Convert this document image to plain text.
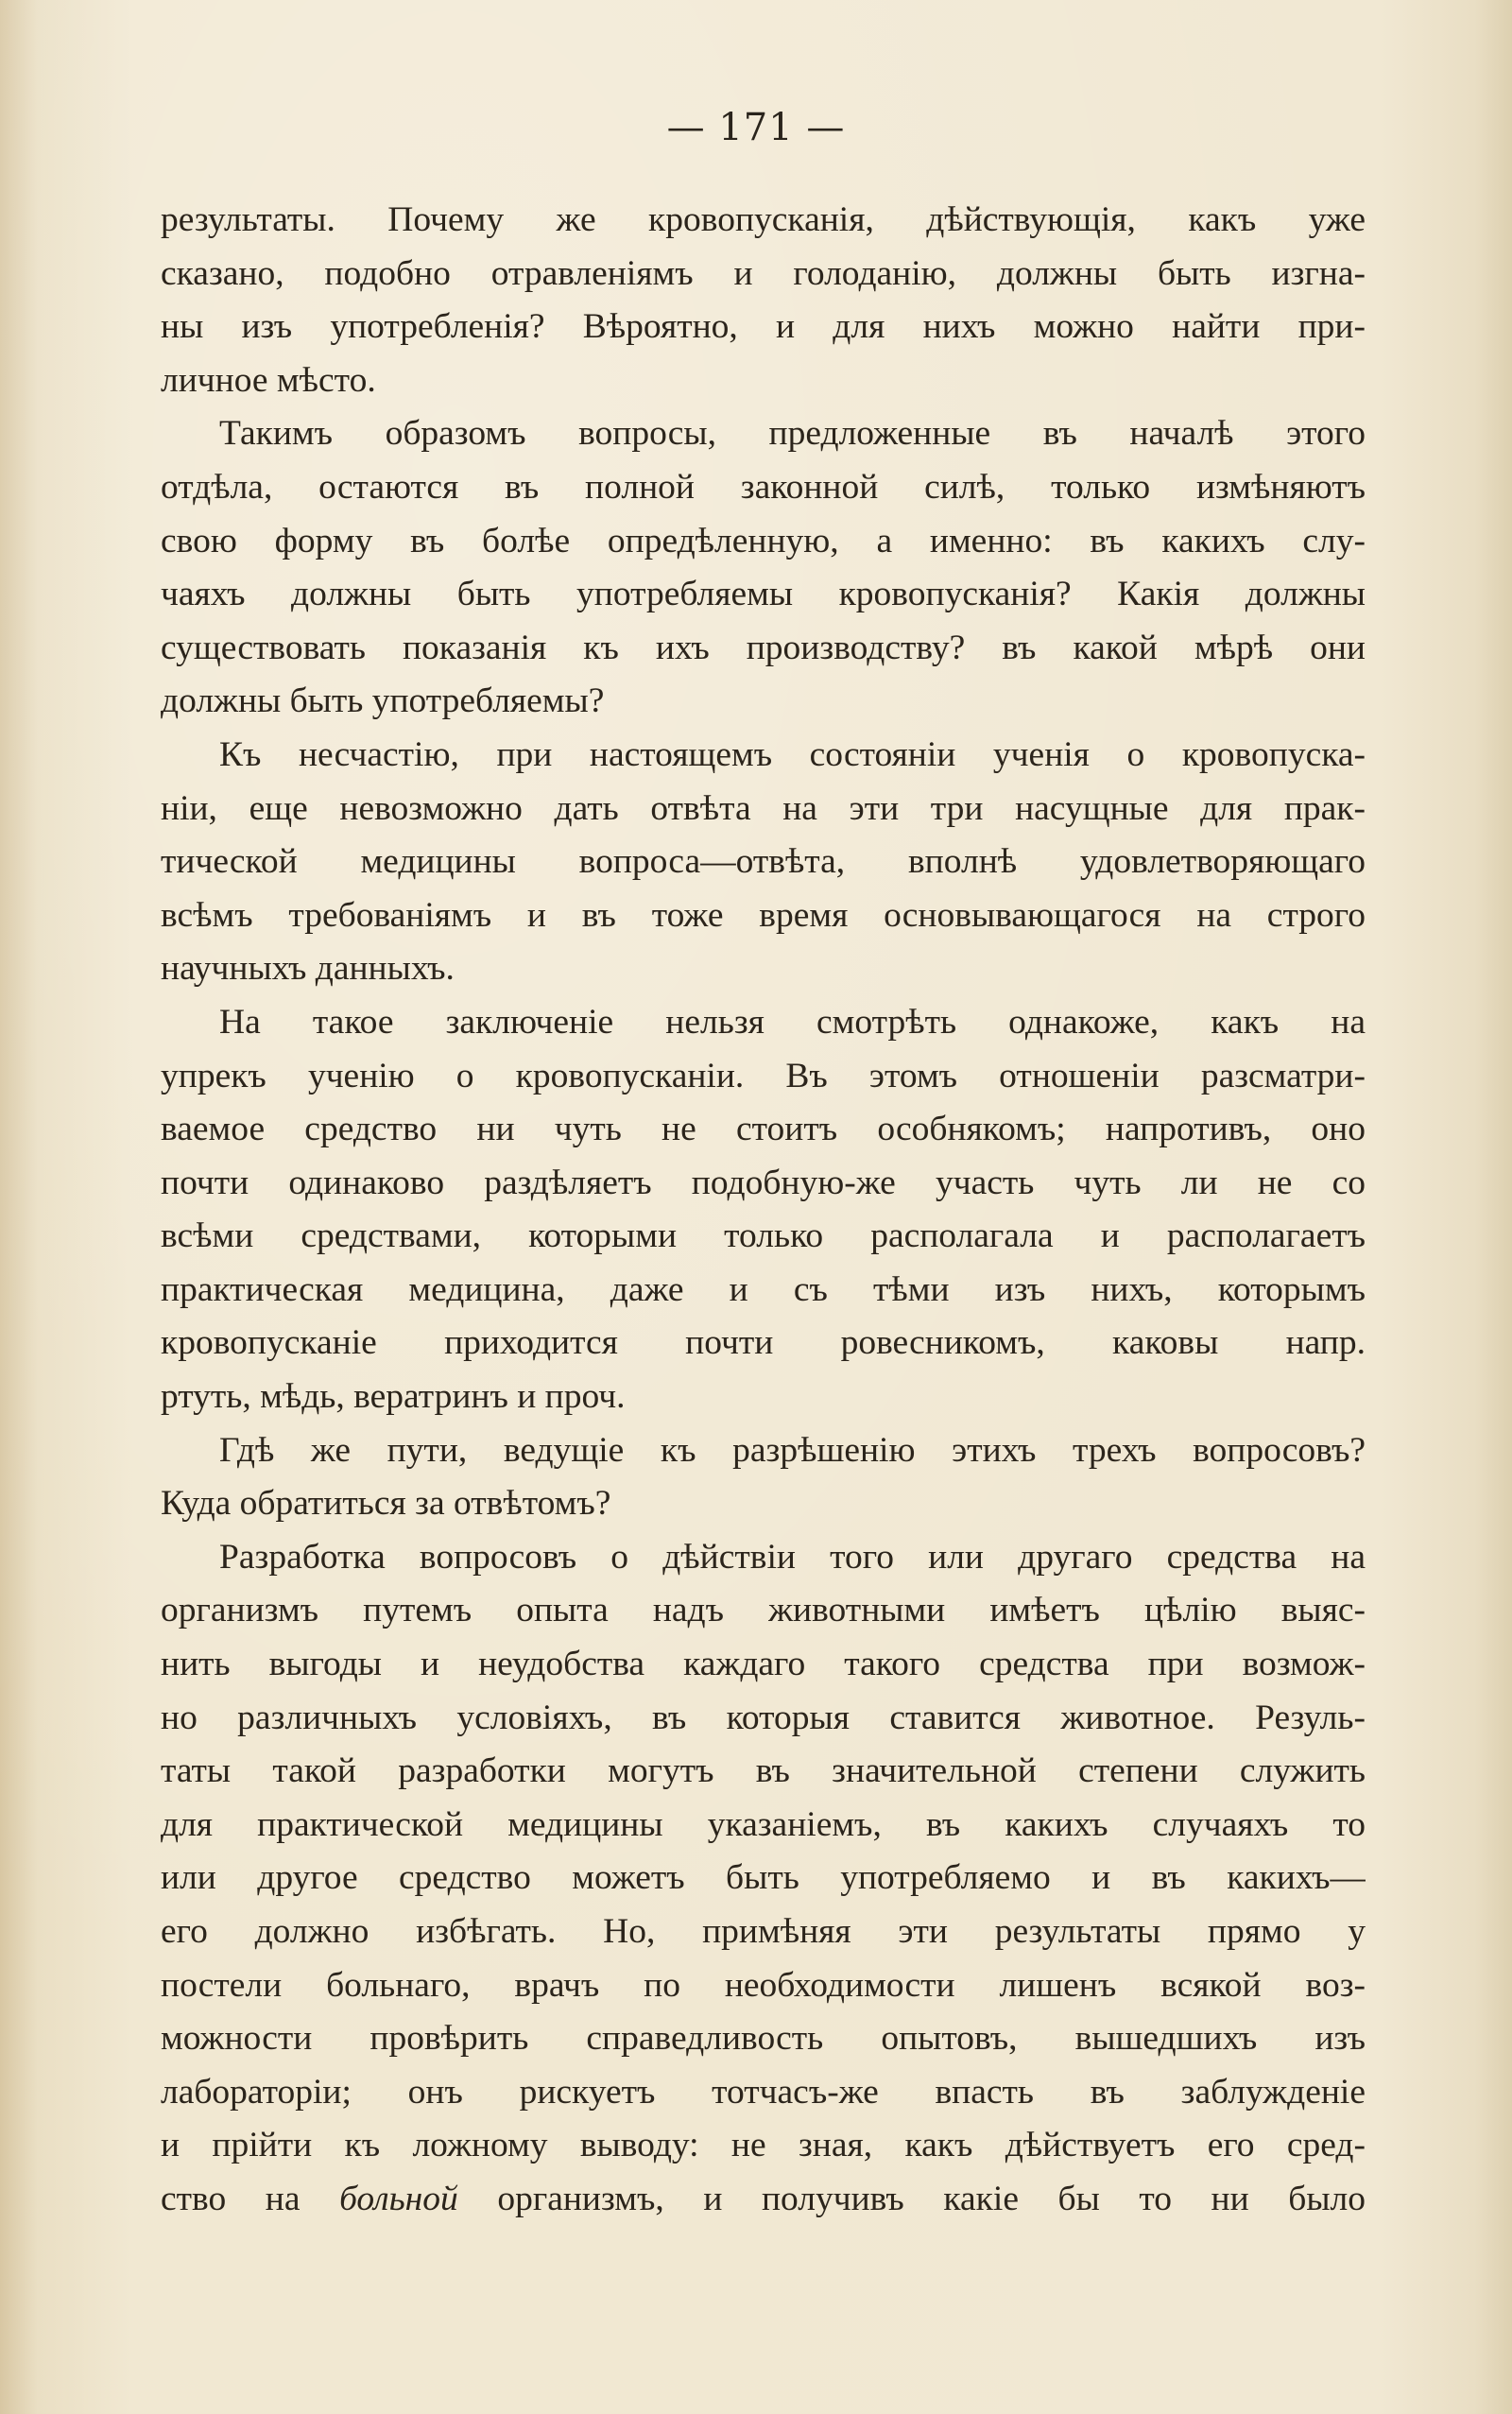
— 171 —
результаты. Почему же кровопусканія, дѣйствующія, какъ уже
сказано, подобно отравленіямъ и голоданію, должны быть изгна-
ны изъ употребленія? Вѣроятно, и для нихъ можно найти при-
личное мѣсто.
Такимъ образомъ вопросы, предложенные въ началѣ этого
отдѣла, остаются въ полной законной силѣ, только измѣняютъ
свою форму въ болѣе опредѣленную, а именно: въ какихъ слу-
чаяхъ должны быть употребляемы кровопусканія? Какія должны
существовать показанія къ ихъ производству? въ какой мѣрѣ они
должны быть употребляемы?
Къ несчастію, при настоящемъ состояніи ученія о кровопуска-
ніи, еще невозможно дать отвѣта на эти три насущные для прак-
тической медицины вопроса—отвѣта, вполнѣ удовлетворяющаго
всѣмъ требованіямъ и въ тоже время основывающагося на строго
научныхъ данныхъ.
На такое заключеніе нельзя смотрѣть однакоже, какъ на
упрекъ ученію о кровопусканіи. Въ этомъ отношеніи разсматри-
ваемое средство ни чуть не стоитъ особнякомъ; напротивъ, оно
почти одинаково раздѣляетъ подобную-же участь чуть ли не со
всѣми средствами, которыми только располагала и располагаетъ
практическая медицина, даже и съ тѣми изъ нихъ, которымъ
кровопусканіе приходится почти ровесникомъ, каковы напр.
ртуть, мѣдь, вератринъ и проч.
Гдѣ же пути, ведущіе къ разрѣшенію этихъ трехъ вопросовъ?
Куда обратиться за отвѣтомъ?
Разработка вопросовъ о дѣйствіи того или другаго средства на
организмъ путемъ опыта надъ животными имѣетъ цѣлію выяс-
нить выгоды и неудобства каждаго такого средства при возмож-
но различныхъ условіяхъ, въ которыя ставится животное. Резуль-
таты такой разработки могутъ въ значительной степени служить
для практической медицины указаніемъ, въ какихъ случаяхъ то
или другое средство можетъ быть употребляемо и въ какихъ—
его должно избѣгать. Но, примѣняя эти результаты прямо у
постели больнаго, врачъ по необходимости лишенъ всякой воз-
можности провѣрить справедливость опытовъ, вышедшихъ изъ
лабораторіи; онъ рискуетъ тотчасъ-же впасть въ заблужденіе
и прійти къ ложному выводу: не зная, какъ дѣйствуетъ его сред-
ство на больной организмъ, и получивъ какіе бы то ни было
